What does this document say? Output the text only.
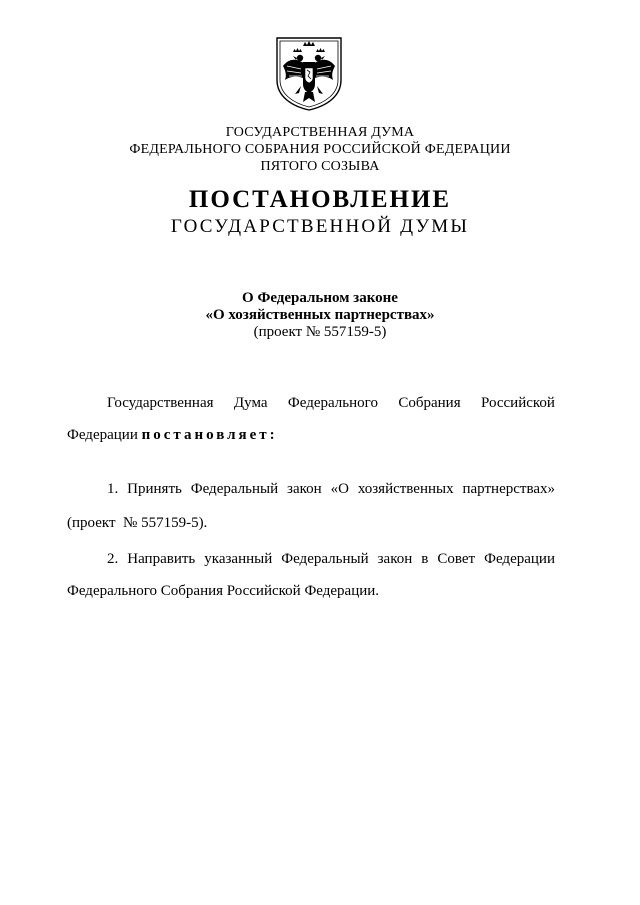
ГОСУДАРСТВЕННАЯ ДУМА
ФЕДЕРАЛЬНОГО СОБРАНИЯ РОССИЙСКОЙ ФЕДЕРАЦИИ
ПЯТОГО СОЗЫВА
ПОСТАНОВЛЕНИЕ
ГОСУДАРСТВЕННОЙ ДУМЫ
О Федеральном законе
«О хозяйственных партнерствах»
(проект № 557159-5)
Государственная Дума Федерального Собрания Российской
Федерации постановляет:
1. Принять Федеральный закон «О хозяйственных партнерствах»
(проект  № 557159-5).
2. Направить указанный Федеральный закон в Совет Федерации
Федерального Собрания Российской Федерации.
